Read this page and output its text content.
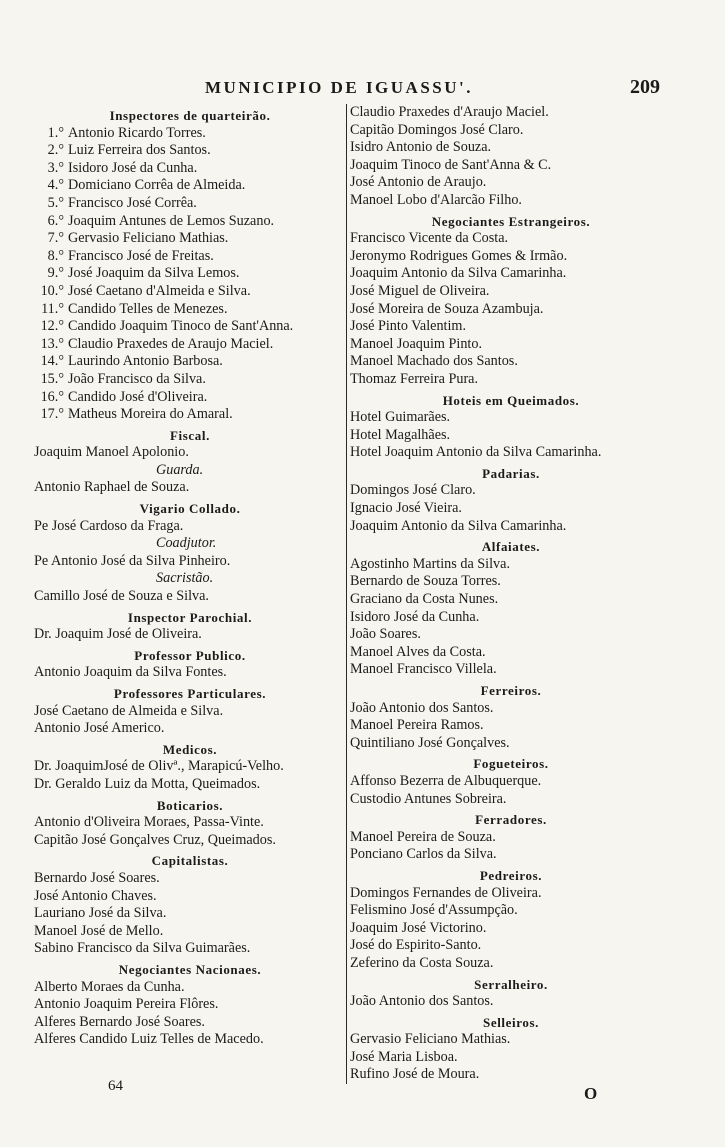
MUNICIPIO DE IGUASSU'.	209
Inspectores de quarteirão.
1.° Antonio Ricardo Torres.
2.° Luiz Ferreira dos Santos.
3.° Isidoro José da Cunha.
4.° Domiciano Corrêa de Almeida.
5.° Francisco José Corrêa.
6.° Joaquim Antunes de Lemos Suzano.
7.° Gervasio Feliciano Mathias.
8.° Francisco José de Freitas.
9.° José Joaquim da Silva Lemos.
10.° José Caetano d'Almeida e Silva.
11.° Candido Telles de Menezes.
12.° Candido Joaquim Tinoco de Sant'Anna.
13.° Claudio Praxedes de Araujo Maciel.
14.° Laurindo Antonio Barbosa.
15.° João Francisco da Silva.
16.° Candido José d'Oliveira.
17.° Matheus Moreira do Amaral.
Fiscal.
Joaquim Manoel Apolonio.
Guarda.
Antonio Raphael de Souza.
Vigario Collado.
Pe José Cardoso da Fraga.
Coadjutor.
Pe Antonio José da Silva Pinheiro.
Sacristão.
Camillo José de Souza e Silva.
Inspector Parochial.
Dr. Joaquim José de Oliveira.
Professor Publico.
Antonio Joaquim da Silva Fontes.
Professores Particulares.
José Caetano de Almeida e Silva.
Antonio José Americo.
Medicos.
Dr. JoaquimJosé de Olivª., Marapicú-Velho.
Dr. Geraldo Luiz da Motta, Queimados.
Boticarios.
Antonio d'Oliveira Moraes, Passa-Vinte.
Capitão José Gonçalves Cruz, Queimados.
Capitalistas.
Bernardo José Soares.
José Antonio Chaves.
Lauriano José da Silva.
Manoel José de Mello.
Sabino Francisco da Silva Guimarães.
Negociantes Nacionaes.
Alberto Moraes da Cunha.
Antonio Joaquim Pereira Flôres.
Alferes Bernardo José Soares.
Alferes Candido Luiz Telles de Macedo.
64
Claudio Praxedes d'Araujo Maciel.
Capitão Domingos José Claro.
Isidro Antonio de Souza.
Joaquim Tinoco de Sant'Anna & C.
José Antonio de Araujo.
Manoel Lobo d'Alarcão Filho.
Negociantes Estrangeiros.
Francisco Vicente da Costa.
Jeronymo Rodrigues Gomes & Irmão.
Joaquim Antonio da Silva Camarinha.
José Miguel de Oliveira.
José Moreira de Souza Azambuja.
José Pinto Valentim.
Manoel Joaquim Pinto.
Manoel Machado dos Santos.
Thomaz Ferreira Pura.
Hoteis em Queimados.
Hotel Guimarães.
Hotel Magalhães.
Hotel Joaquim Antonio da Silva Camarinha.
Padarias.
Domingos José Claro.
Ignacio José Vieira.
Joaquim Antonio da Silva Camarinha.
Alfaiates.
Agostinho Martins da Silva.
Bernardo de Souza Torres.
Graciano da Costa Nunes.
Isidoro José da Cunha.
João Soares.
Manoel Alves da Costa.
Manoel Francisco Villela.
Ferreiros.
João Antonio dos Santos.
Manoel Pereira Ramos.
Quintiliano José Gonçalves.
Fogueteiros.
Affonso Bezerra de Albuquerque.
Custodio Antunes Sobreira.
Ferradores.
Manoel Pereira de Souza.
Ponciano Carlos da Silva.
Pedreiros.
Domingos Fernandes de Oliveira.
Felismino José d'Assumpção.
Joaquim José Victorino.
José do Espirito-Santo.
Zeferino da Costa Souza.
Serralheiro.
João Antonio dos Santos.
Selleiros.
Gervasio Feliciano Mathias.
José Maria Lisboa.
Rufino José de Moura.
O
